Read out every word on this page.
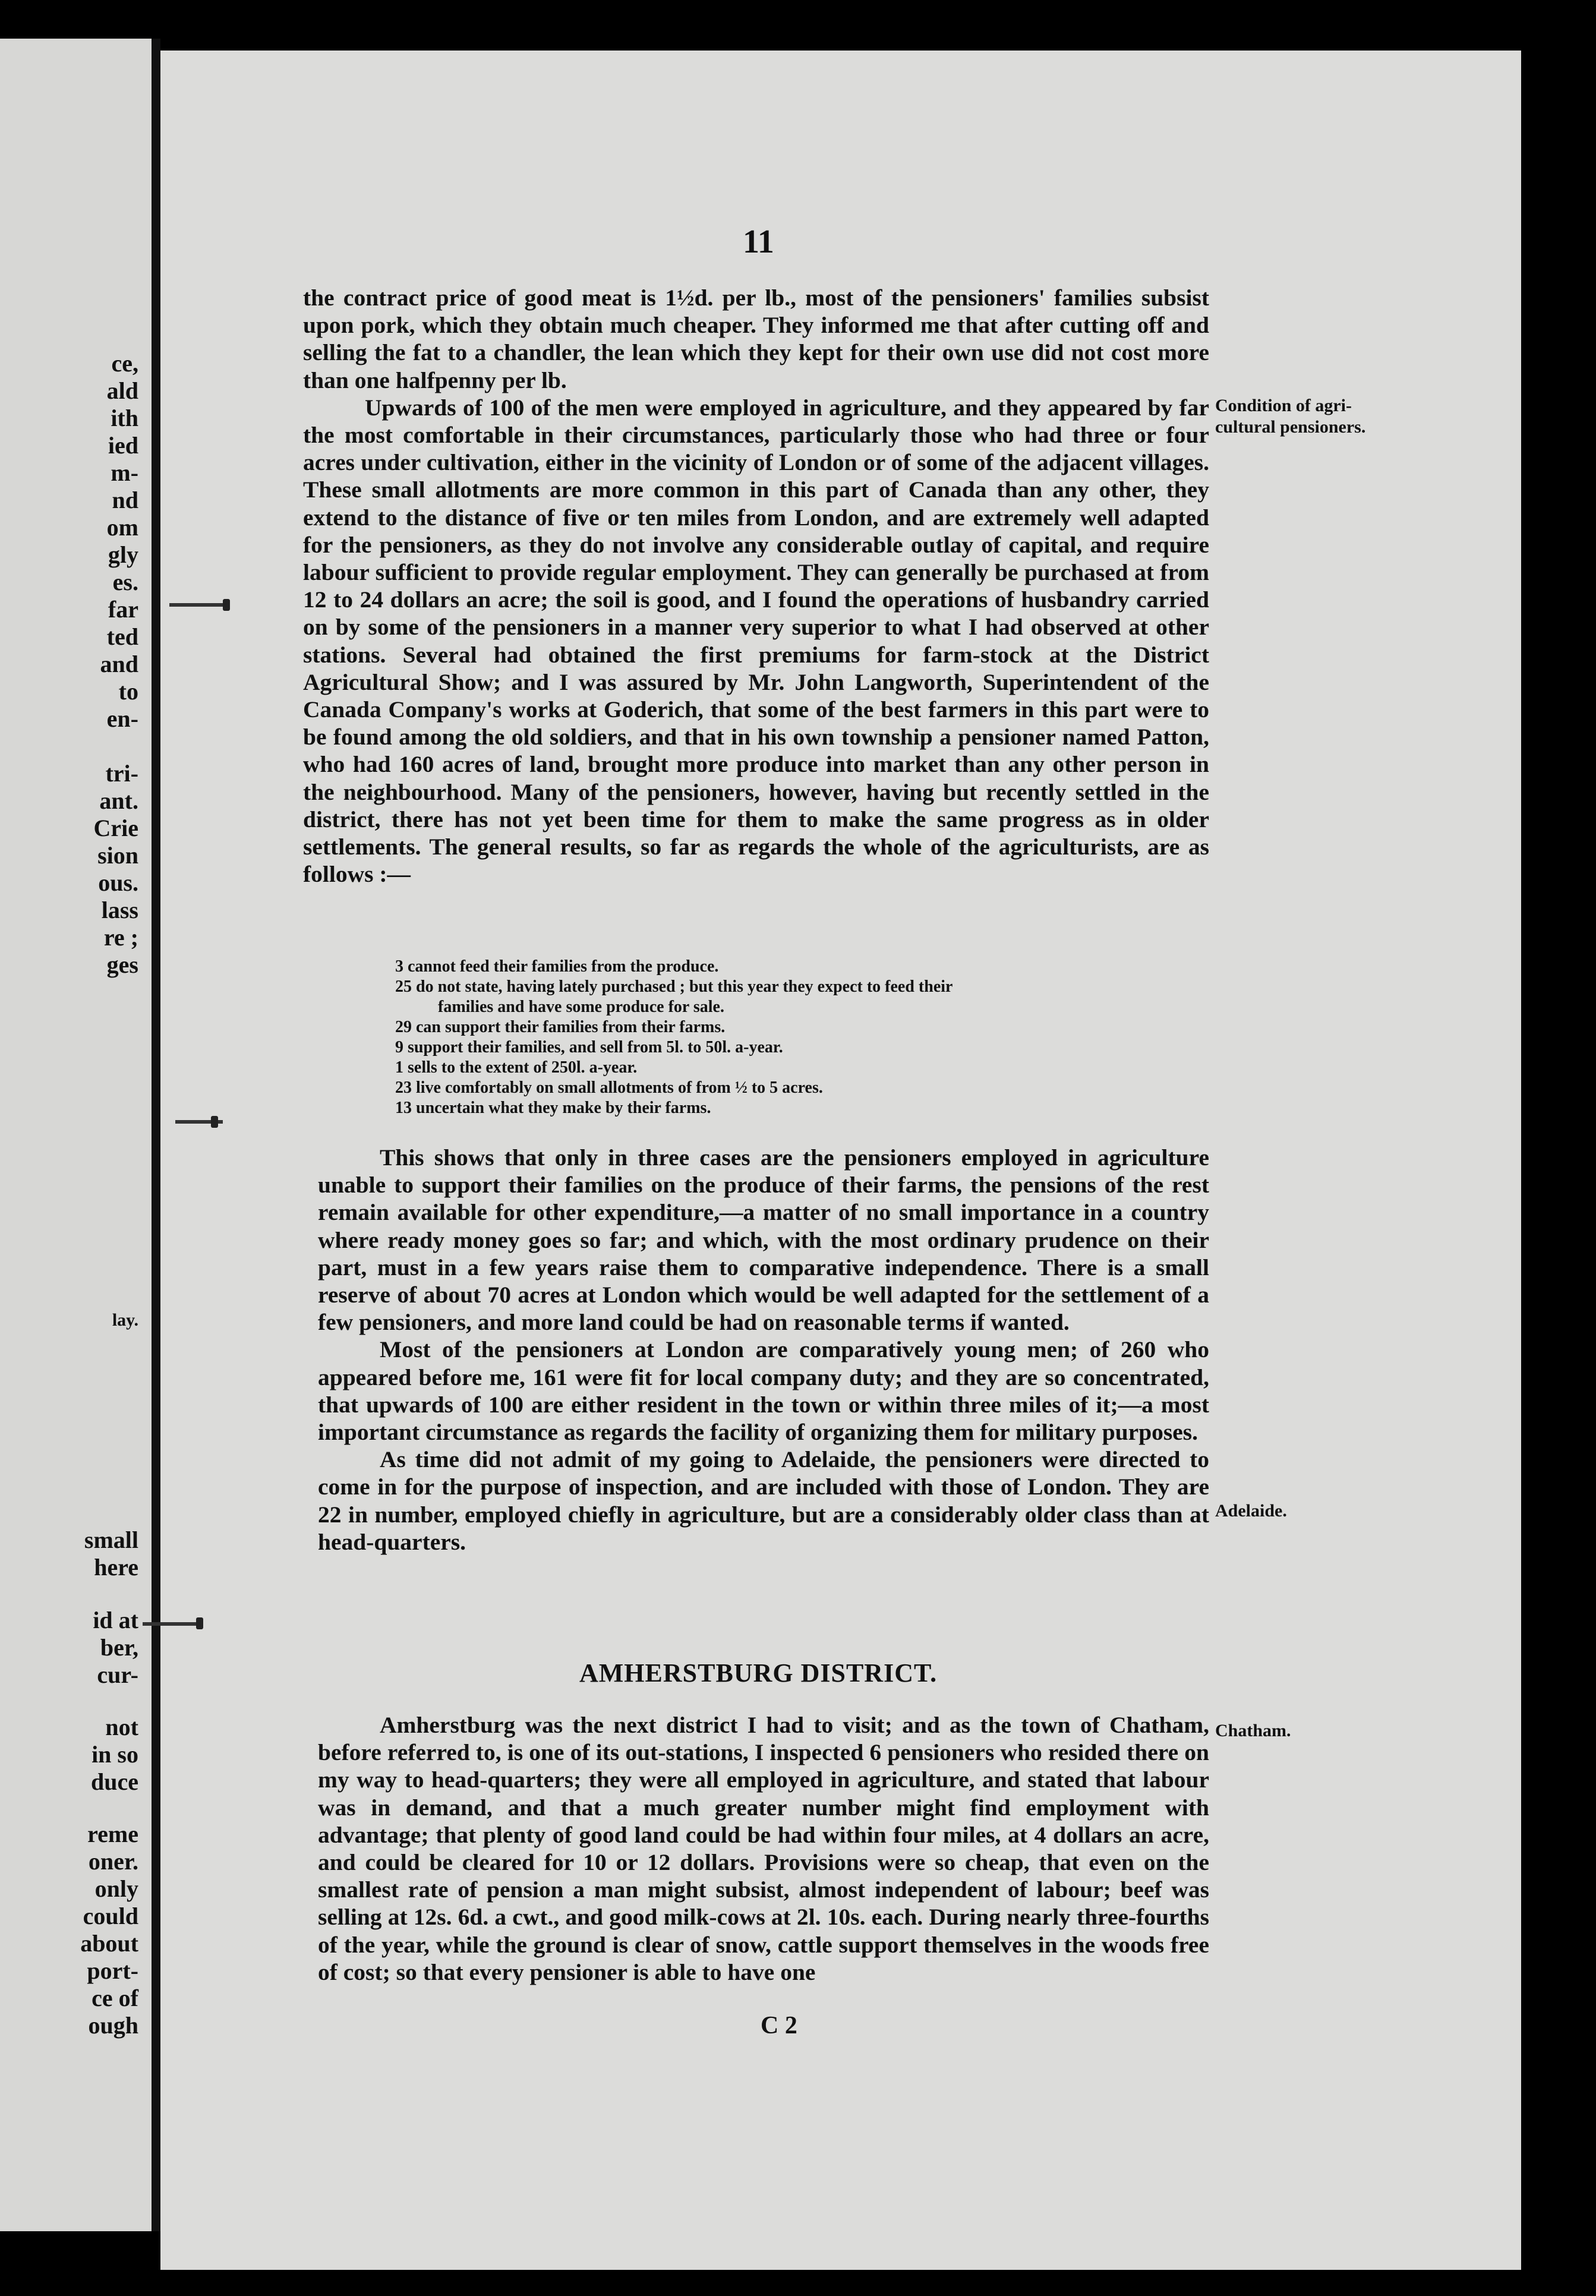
ce,
ald
ith
ied
m-
nd
om
gly
es.
far
ted
and
to
en-
tri-
ant.
Crie
sion
ous.
lass
re ;
ges
lay.
small
here
id at
ber,
cur-
not
in so
duce
reme
oner.
only
could
about
port-
ce of
ough
11

the contract price of good meat is 1½d. per lb., most of the pensioners' families subsist upon pork, which they obtain much cheaper. They informed me that after cutting off and selling the fat to a chandler, the lean which they kept for their own use did not cost more than one halfpenny per lb.

Upwards of 100 of the men were employed in agriculture, and they appeared by far the most comfortable in their circumstances, particularly those who had three or four acres under cultivation, either in the vicinity of London or of some of the adjacent villages. These small allotments are more common in this part of Canada than any other, they extend to the distance of five or ten miles from London, and are extremely well adapted for the pensioners, as they do not involve any considerable outlay of capital, and require labour sufficient to provide regular employment. They can generally be purchased at from 12 to 24 dollars an acre; the soil is good, and I found the operations of husbandry carried on by some of the pensioners in a manner very superior to what I had observed at other stations. Several had obtained the first premiums for farm-stock at the District Agricultural Show; and I was assured by Mr. John Langworth, Superintendent of the Canada Company's works at Goderich, that some of the best farmers in this part were to be found among the old soldiers, and that in his own township a pensioner named Patton, who had 160 acres of land, brought more produce into market than any other person in the neighbourhood. Many of the pensioners, however, having but recently settled in the district, there has not yet been time for them to make the same progress as in older settlements. The general results, so far as regards the whole of the agriculturists, are as follows :—

3 cannot feed their families from the produce.
25 do not state, having lately purchased ; but this year they expect to feed their
families and have some produce for sale.
29 can support their families from their farms.
9 support their families, and sell from 5l. to 50l. a-year.
1 sells to the extent of 250l. a-year.
23 live comfortably on small allotments of from ½ to 5 acres.
13 uncertain what they make by their farms.

This shows that only in three cases are the pensioners employed in agriculture unable to support their families on the produce of their farms, the pensions of the rest remain available for other expenditure,—a matter of no small importance in a country where ready money goes so far; and which, with the most ordinary prudence on their part, must in a few years raise them to comparative independence. There is a small reserve of about 70 acres at London which would be well adapted for the settlement of a few pensioners, and more land could be had on reasonable terms if wanted.

Most of the pensioners at London are comparatively young men; of 260 who appeared before me, 161 were fit for local company duty; and they are so concentrated, that upwards of 100 are either resident in the town or within three miles of it;—a most important circumstance as regards the facility of organizing them for military purposes.

As time did not admit of my going to Adelaide, the pensioners were directed to come in for the purpose of inspection, and are included with those of London. They are 22 in number, employed chiefly in agriculture, but are a considerably older class than at head-quarters.

AMHERSTBURG DISTRICT.

Amherstburg was the next district I had to visit; and as the town of Chatham, before referred to, is one of its out-stations, I inspected 6 pensioners who resided there on my way to head-quarters; they were all employed in agriculture, and stated that labour was in demand, and that a much greater number might find employment with advantage; that plenty of good land could be had within four miles, at 4 dollars an acre, and could be cleared for 10 or 12 dollars. Provisions were so cheap, that even on the smallest rate of pension a man might subsist, almost independent of labour; beef was selling at 12s. 6d. a cwt., and good milk-cows at 2l. 10s. each. During nearly three-fourths of the year, while the ground is clear of snow, cattle support themselves in the woods free of cost; so that every pensioner is able to have one

Condition of agri-
cultural pensioners.
Adelaide.
Chatham.
C 2
